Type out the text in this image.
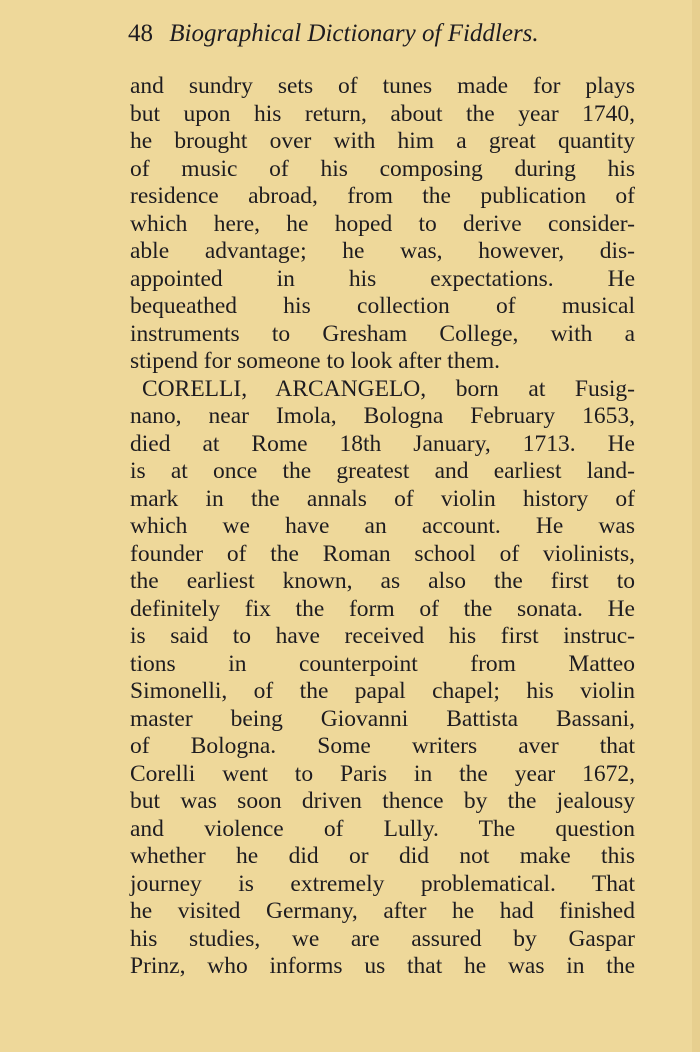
48 Biographical Dictionary of Fiddlers.
and sundry sets of tunes made for plays
but upon his return, about the year 1740,
he brought over with him a great quantity
of music of his composing during his
residence abroad, from the publication of
which here, he hoped to derive consider-
able advantage; he was, however, dis-
appointed in his expectations. He
bequeathed his collection of musical
instruments to Gresham College, with a
stipend for someone to look after them.
CORELLI, ARCANGELO, born at Fusig-
nano, near Imola, Bologna February 1653,
died at Rome 18th January, 1713. He
is at once the greatest and earliest land-
mark in the annals of violin history of
which we have an account. He was
founder of the Roman school of violinists,
the earliest known, as also the first to
definitely fix the form of the sonata. He
is said to have received his first instruc-
tions in counterpoint from Matteo
Simonelli, of the papal chapel; his violin
master being Giovanni Battista Bassani,
of Bologna. Some writers aver that
Corelli went to Paris in the year 1672,
but was soon driven thence by the jealousy
and violence of Lully. The question
whether he did or did not make this
journey is extremely problematical. That
he visited Germany, after he had finished
his studies, we are assured by Gaspar
Prinz, who informs us that he was in the
